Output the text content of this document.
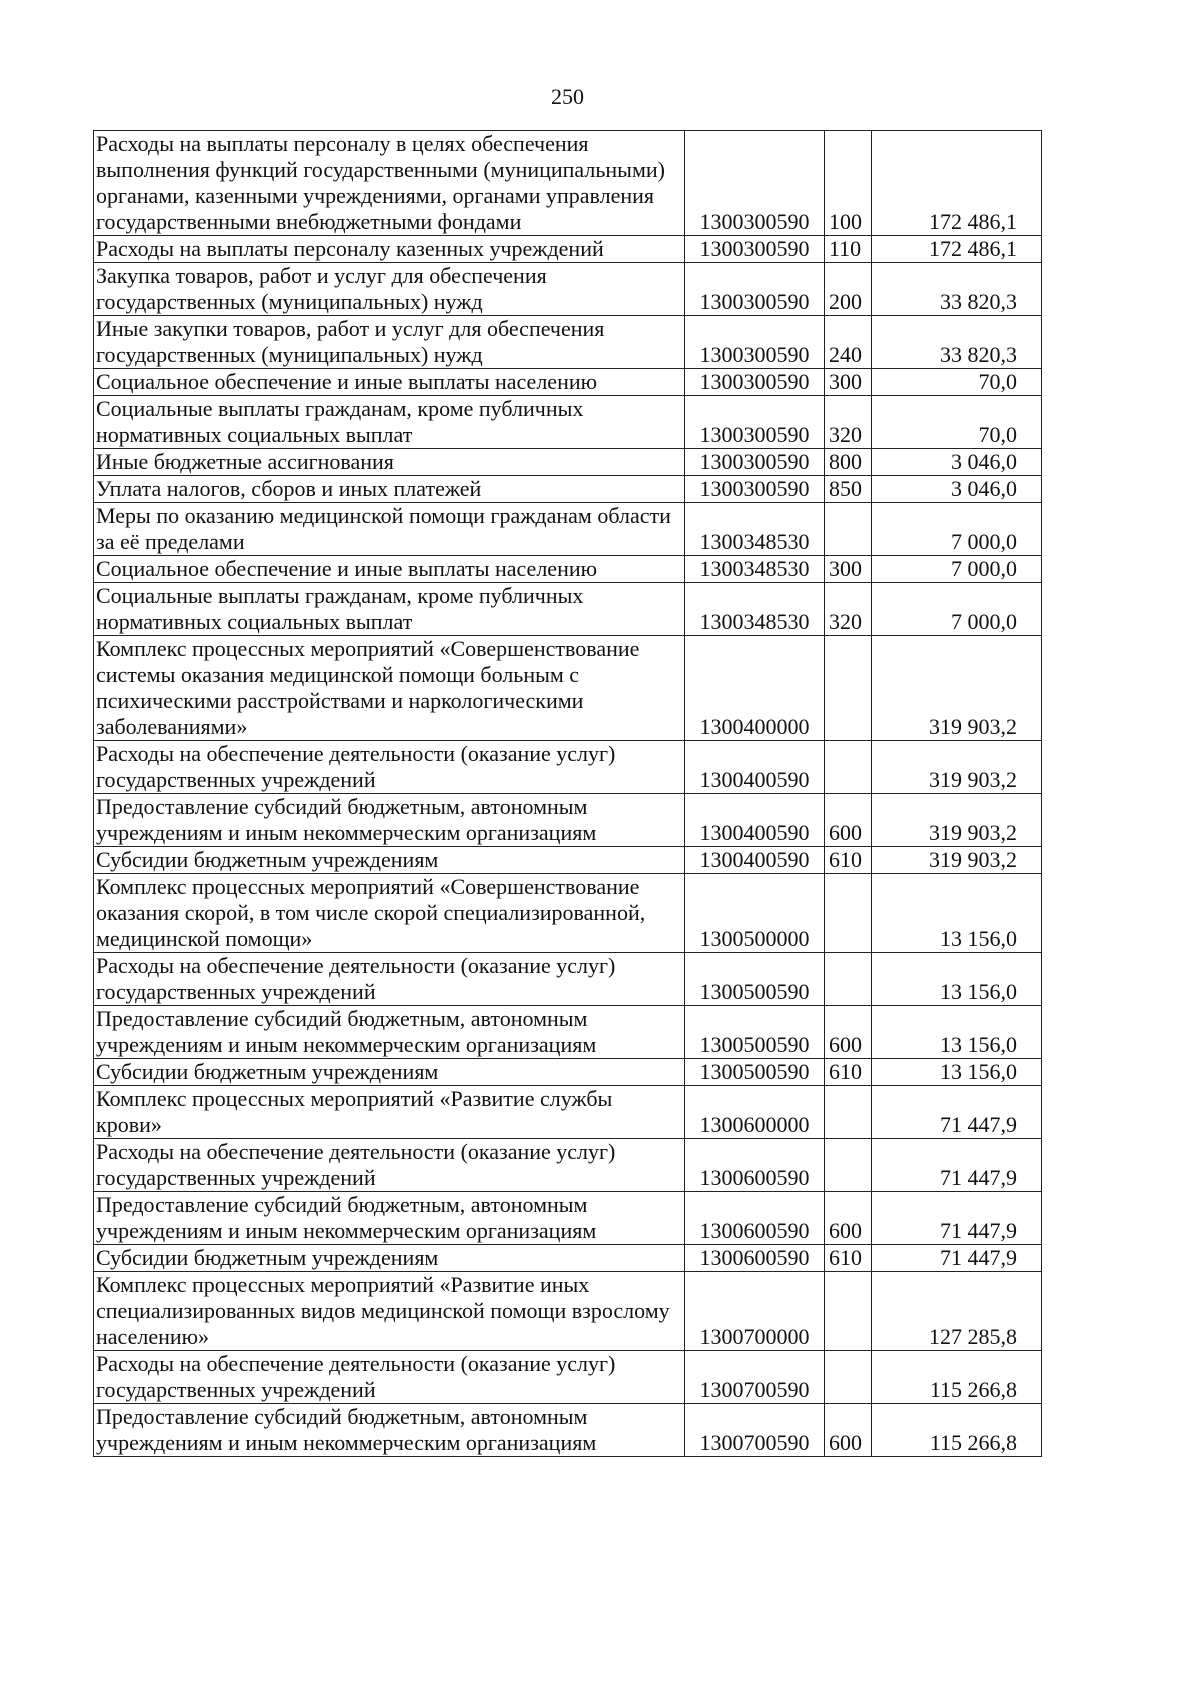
250
Расходы на выплаты персоналу в целях обеспечения выполнения функций государственными (муниципальными) органами, казенными учреждениями, органами управления государственными внебюджетными фондами	1300300590	100	172 486,1
Расходы на выплаты персоналу казенных учреждений	1300300590	110	172 486,1
Закупка товаров, работ и услуг для обеспечения государственных (муниципальных) нужд	1300300590	200	33 820,3
Иные закупки товаров, работ и услуг для обеспечения государственных (муниципальных) нужд	1300300590	240	33 820,3
Социальное обеспечение и иные выплаты населению	1300300590	300	70,0
Социальные выплаты гражданам, кроме публичных нормативных социальных выплат	1300300590	320	70,0
Иные бюджетные ассигнования	1300300590	800	3 046,0
Уплата налогов, сборов и иных платежей	1300300590	850	3 046,0
Меры по оказанию медицинской помощи гражданам области за её пределами	1300348530		7 000,0
Социальное обеспечение и иные выплаты населению	1300348530	300	7 000,0
Социальные выплаты гражданам, кроме публичных нормативных социальных выплат	1300348530	320	7 000,0
Комплекс процессных мероприятий «Совершенствование системы оказания медицинской помощи больным с психическими расстройствами и наркологическими заболеваниями»	1300400000		319 903,2
Расходы на обеспечение деятельности (оказание услуг) государственных учреждений	1300400590		319 903,2
Предоставление субсидий бюджетным, автономным учреждениям и иным некоммерческим организациям	1300400590	600	319 903,2
Субсидии бюджетным учреждениям	1300400590	610	319 903,2
Комплекс процессных мероприятий «Совершенствование оказания скорой, в том числе скорой специализированной, медицинской помощи»	1300500000		13 156,0
Расходы на обеспечение деятельности (оказание услуг) государственных учреждений	1300500590		13 156,0
Предоставление субсидий бюджетным, автономным учреждениям и иным некоммерческим организациям	1300500590	600	13 156,0
Субсидии бюджетным учреждениям	1300500590	610	13 156,0
Комплекс процессных мероприятий «Развитие службы крови»	1300600000		71 447,9
Расходы на обеспечение деятельности (оказание услуг) государственных учреждений	1300600590		71 447,9
Предоставление субсидий бюджетным, автономным учреждениям и иным некоммерческим организациям	1300600590	600	71 447,9
Субсидии бюджетным учреждениям	1300600590	610	71 447,9
Комплекс процессных мероприятий «Развитие иных специализированных видов медицинской помощи взрослому населению»	1300700000		127 285,8
Расходы на обеспечение деятельности (оказание услуг) государственных учреждений	1300700590		115 266,8
Предоставление субсидий бюджетным, автономным учреждениям и иным некоммерческим организациям	1300700590	600	115 266,8
